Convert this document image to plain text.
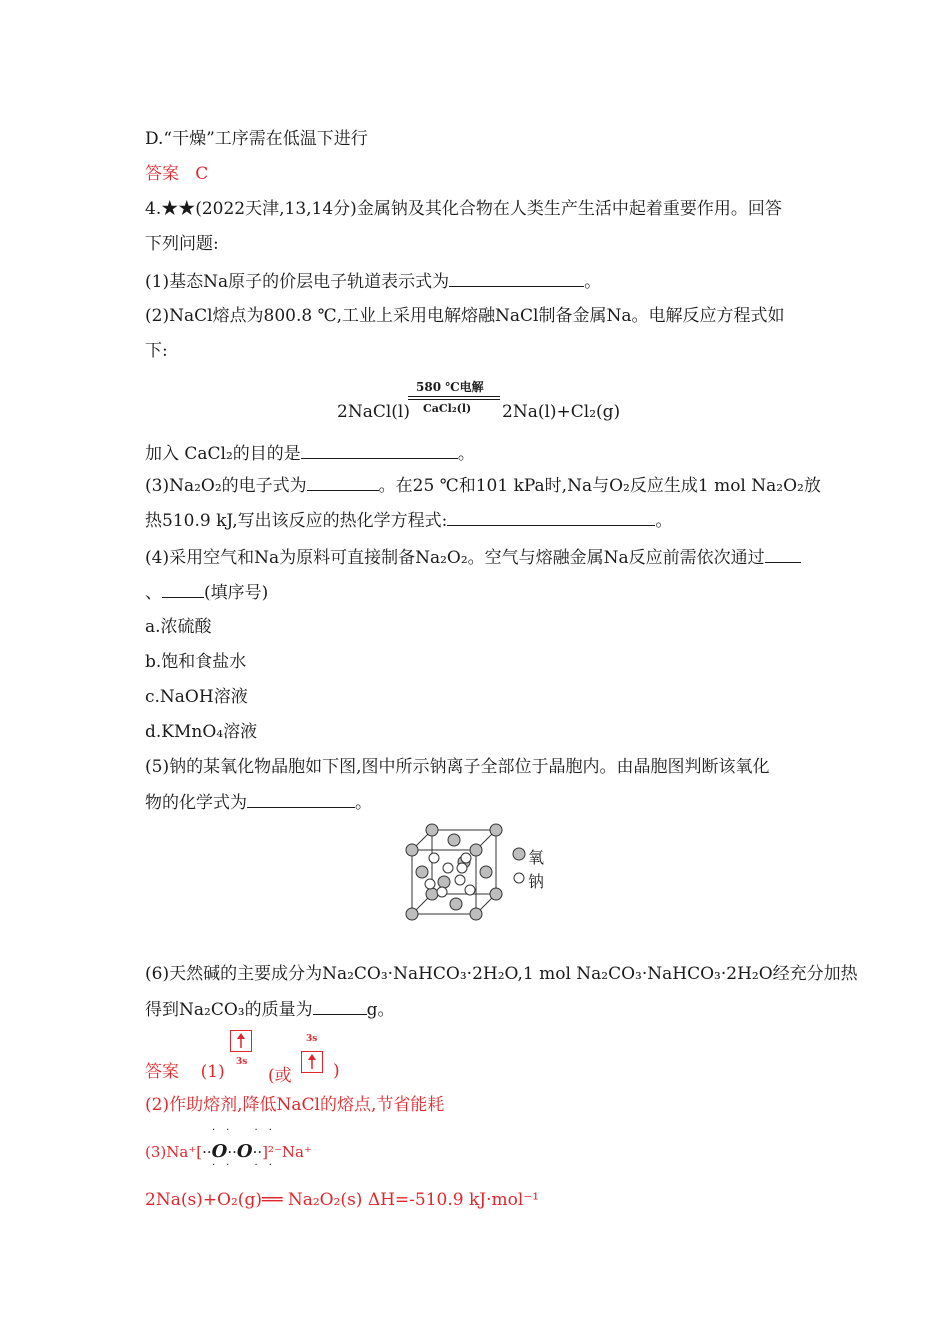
D.“干燥”工序需在低温下进行
答案 C
4.★★(2022天津,13,14分)金属钠及其化合物在人类生产生活中起着重要作用。回答
下列问题:
(1)基态Na原子的价层电子轨道表示式为	。
(2)NaCl熔点为800.8 ℃,工业上采用电解熔融NaCl制备金属Na。电解反应方程式如
下:
2NaCl(l)
580 ℃电解
CaCl₂(l) 2Na(l)+Cl₂(g)
加入 CaCl₂的目的是	。
(3)Na₂O₂的电子式为	。在25 ℃和101 kPa时,Na与O₂反应生成1 mol Na₂O₂放
热510.9 kJ,写出该反应的热化学方程式:	。
(4)采用空气和Na为原料可直接制备Na₂O₂。空气与熔融金属Na反应前需依次通过
、 (填序号)
a.浓硫酸
b.饱和食盐水
c.NaOH溶液
d.KMnO₄溶液
(5)钠的某氧化物晶胞如下图,图中所示钠离子全部位于晶胞内。由晶胞图判断该氧化
物的化学式为	。
氧
钠
(6)天然碱的主要成分为Na₂CO₃·NaHCO₃·2H₂O,1 mol Na₂CO₃·NaHCO₃·2H₂O经充分加热
得到Na₂CO₃的质量为	g。
答案 (1) 3s
(或
3s
)
(2)作助熔剂,降低NaCl的熔点,节省能耗
·· ··
(3)Na⁺[··O··O··]²⁻Na⁺
·· ··
2Na(s)+O₂(g)══ Na₂O₂(s) ΔH=-510.9 kJ·mol⁻¹
